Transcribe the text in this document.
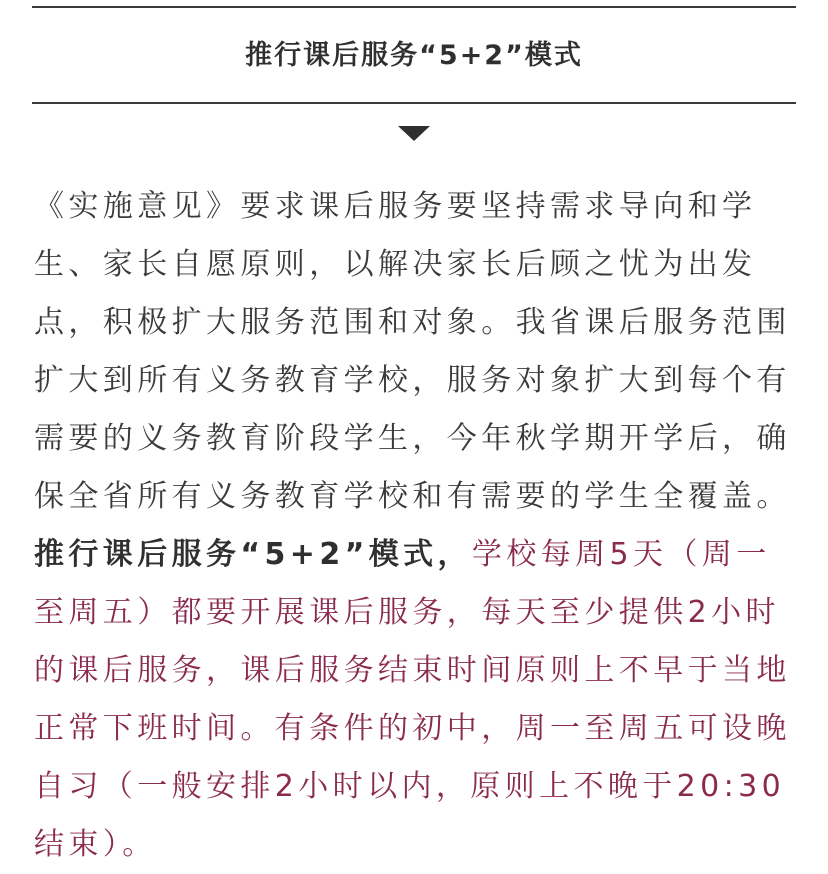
推行课后服务“5+2”模式
《实施意见》要求课后服务要坚持需求导向和学生、家长自愿原则，以解决家长后顾之忧为出发点，积极扩大服务范围和对象。我省课后服务范围扩大到所有义务教育学校，服务对象扩大到每个有需要的义务教育阶段学生，今年秋学期开学后，确保全省所有义务教育学校和有需要的学生全覆盖。
推行课后服务“5+2”模式，学校每周5天（周一至周五）都要开展课后服务，每天至少提供2小时的课后服务，课后服务结束时间原则上不早于当地正常下班时间。有条件的初中，周一至周五可设晚自习（一般安排2小时以内，原则上不晚于20:30结束）。
